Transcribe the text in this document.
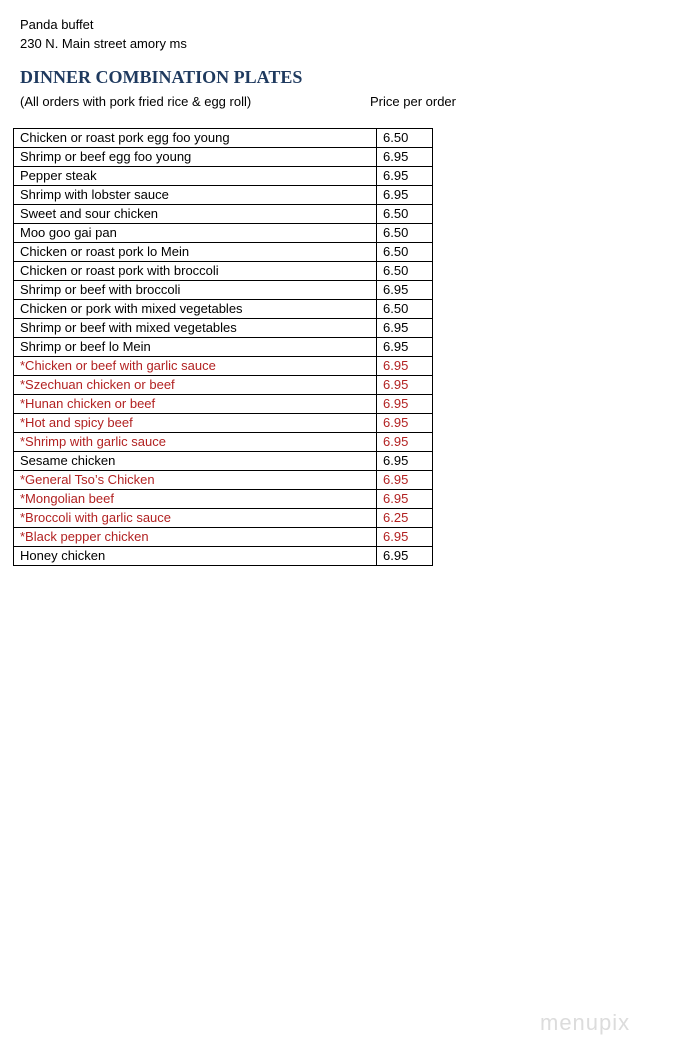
Panda buffet
230 N. Main street amory ms
DINNER COMBINATION PLATES
(All orders with pork fried rice & egg roll)	Price per order
Chicken or roast pork egg foo young	6.50
Shrimp or beef egg foo young	6.95
Pepper steak	6.95
Shrimp with lobster sauce	6.95
Sweet and sour chicken	6.50
Moo goo gai pan	6.50
Chicken or roast pork lo Mein	6.50
Chicken or roast pork with broccoli	6.50
Shrimp or beef with broccoli	6.95
Chicken or pork with mixed vegetables	6.50
Shrimp or beef with mixed vegetables	6.95
Shrimp or beef lo Mein	6.95
*Chicken or beef with garlic sauce	6.95
*Szechuan chicken or beef	6.95
*Hunan chicken or beef	6.95
*Hot and spicy beef	6.95
*Shrimp with garlic sauce	6.95
Sesame chicken	6.95
*General Tso’s Chicken	6.95
*Mongolian beef	6.95
*Broccoli with garlic sauce	6.25
*Black pepper chicken	6.95
Honey chicken	6.95
menupix
